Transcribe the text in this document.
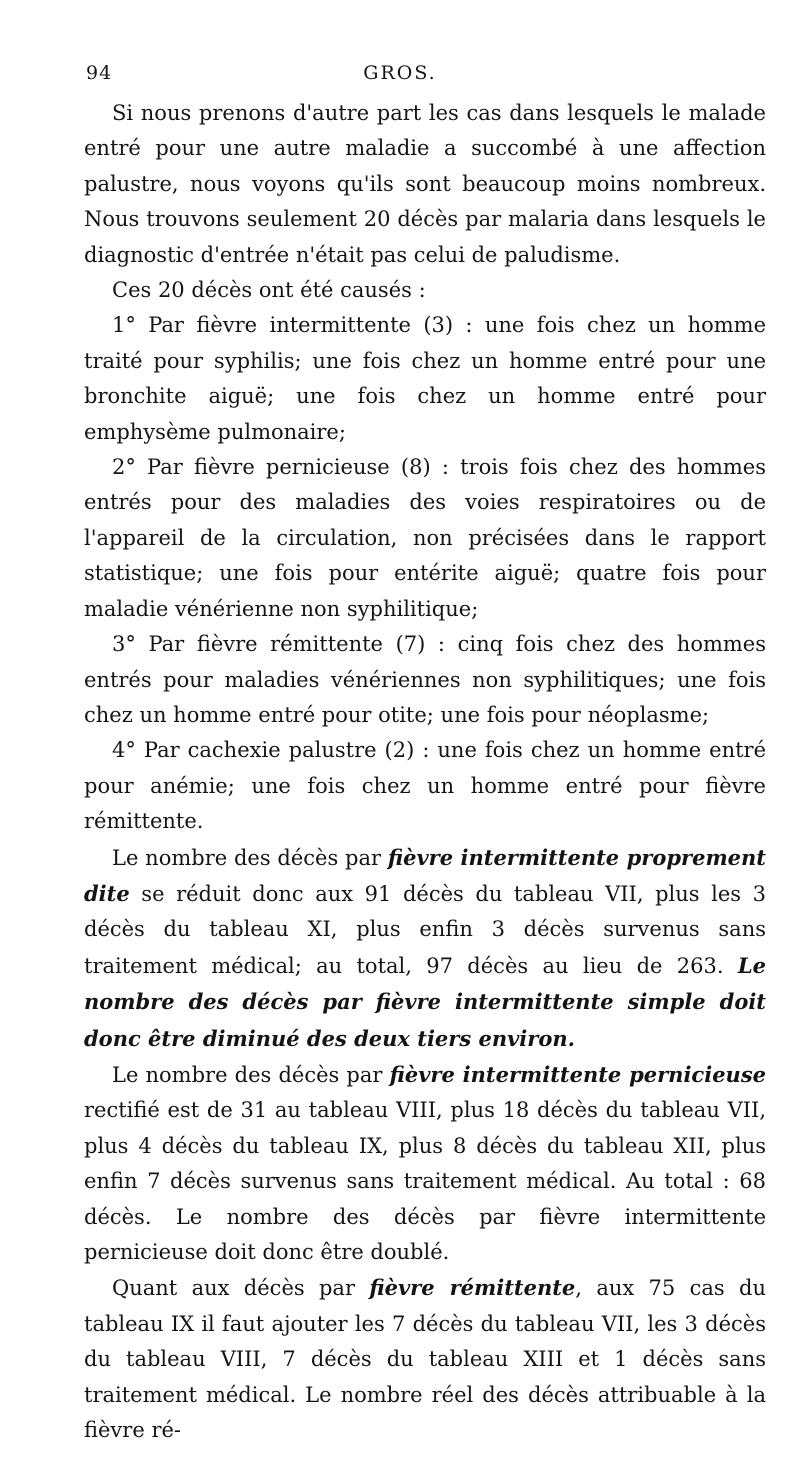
94	GROS.

Si nous prenons d'autre part les cas dans lesquels le malade entré pour une autre maladie a succombé à une affection palustre, nous voyons qu'ils sont beaucoup moins nombreux. Nous trouvons seulement 20 décès par malaria dans lesquels le diagnostic d'entrée n'était pas celui de paludisme.

Ces 20 décès ont été causés :

1° Par fièvre intermittente (3) : une fois chez un homme traité pour syphilis; une fois chez un homme entré pour une bronchite aiguë; une fois chez un homme entré pour emphysème pulmonaire;

2° Par fièvre pernicieuse (8) : trois fois chez des hommes entrés pour des maladies des voies respiratoires ou de l'appareil de la circulation, non précisées dans le rapport statistique; une fois pour entérite aiguë; quatre fois pour maladie vénérienne non syphilitique;

3° Par fièvre rémittente (7) : cinq fois chez des hommes entrés pour maladies vénériennes non syphilitiques; une fois chez un homme entré pour otite; une fois pour néoplasme;

4° Par cachexie palustre (2) : une fois chez un homme entré pour anémie; une fois chez un homme entré pour fièvre rémittente.

Le nombre des décès par fièvre intermittente proprement dite se réduit donc aux 91 décès du tableau VII, plus les 3 décès du tableau XI, plus enfin 3 décès survenus sans traitement médical; au total, 97 décès au lieu de 263. Le nombre des décès par fièvre intermittente simple doit donc être diminué des deux tiers environ.

Le nombre des décès par fièvre intermittente pernicieuse rectifié est de 31 au tableau VIII, plus 18 décès du tableau VII, plus 4 décès du tableau IX, plus 8 décès du tableau XII, plus enfin 7 décès survenus sans traitement médical. Au total : 68 décès. Le nombre des décès par fièvre intermittente pernicieuse doit donc être doublé.

Quant aux décès par fièvre rémittente, aux 75 cas du tableau IX il faut ajouter les 7 décès du tableau VII, les 3 décès du tableau VIII, 7 décès du tableau XIII et 1 décès sans traitement médical. Le nombre réel des décès attribuable à la fièvre ré-
